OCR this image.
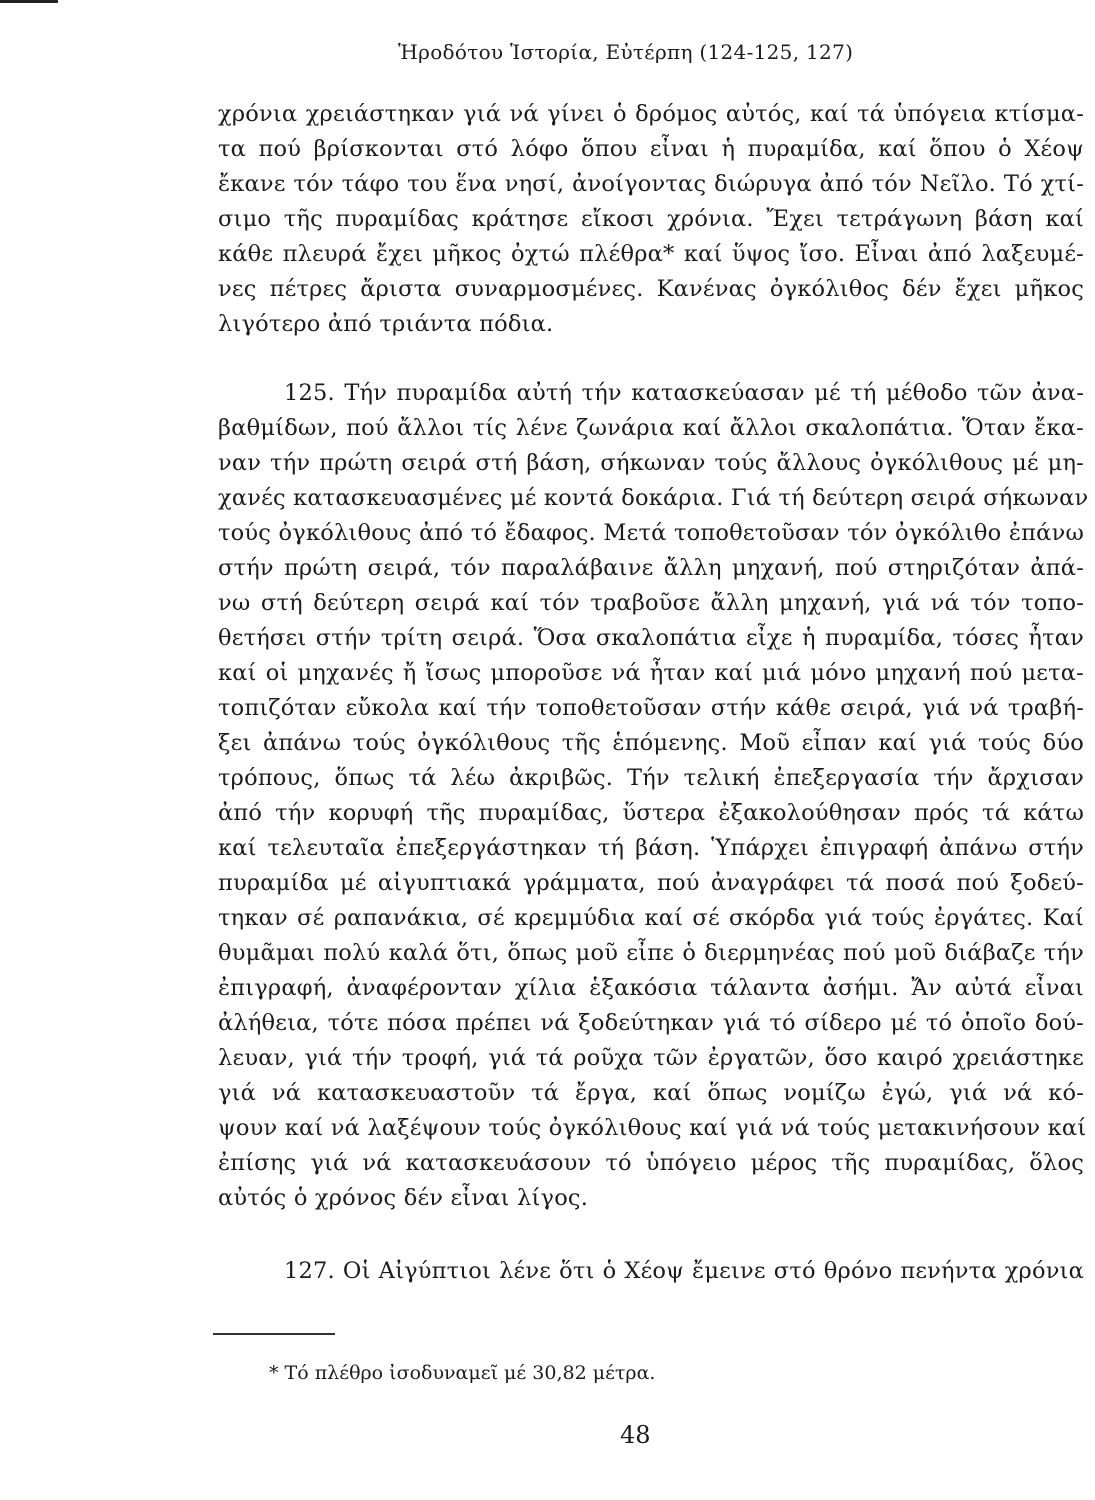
Ἡροδότου Ἱστορία, Εὐτέρπη (124-125, 127)
χρόνια χρειάστηκαν γιά νά γίνει ὁ δρόμος αὐτός, καί τά ὑπόγεια κτίσμα-
τα πού βρίσκονται στό λόφο ὅπου εἶναι ἡ πυραμίδα, καί ὅπου ὁ Χέοψ
ἔκανε τόν τάφο του ἕνα νησί, ἀνοίγοντας διώρυγα ἀπό τόν Νεῖλο. Τό χτί-
σιμο τῆς πυραμίδας κράτησε εἴκοσι χρόνια. Ἔχει τετράγωνη βάση καί
κάθε πλευρά ἔχει μῆκος ὀχτώ πλέθρα* καί ὕψος ἴσο. Εἶναι ἀπό λαξευμέ-
νες πέτρες ἄριστα συναρμοσμένες. Κανένας ὀγκόλιθος δέν ἔχει μῆκος
λιγότερο ἀπό τριάντα πόδια.
125. Τήν πυραμίδα αὐτή τήν κατασκεύασαν μέ τή μέθοδο τῶν ἀνα-
βαθμίδων, πού ἄλλοι τίς λένε ζωνάρια καί ἄλλοι σκαλοπάτια. Ὅταν ἔκα-
ναν τήν πρώτη σειρά στή βάση, σήκωναν τούς ἄλλους ὀγκόλιθους μέ μη-
χανές κατασκευασμένες μέ κοντά δοκάρια. Γιά τή δεύτερη σειρά σήκωναν
τούς ὀγκόλιθους ἀπό τό ἔδαφος. Μετά τοποθετοῦσαν τόν ὀγκόλιθο ἐπάνω
στήν πρώτη σειρά, τόν παραλάβαινε ἄλλη μηχανή, πού στηριζόταν ἀπά-
νω στή δεύτερη σειρά καί τόν τραβοῦσε ἄλλη μηχανή, γιά νά τόν τοπο-
θετήσει στήν τρίτη σειρά. Ὅσα σκαλοπάτια εἶχε ἡ πυραμίδα, τόσες ἦταν
καί οἱ μηχανές ἤ ἴσως μποροῦσε νά ἦταν καί μιά μόνο μηχανή πού μετα-
τοπιζόταν εὔκολα καί τήν τοποθετοῦσαν στήν κάθε σειρά, γιά νά τραβή-
ξει ἀπάνω τούς ὀγκόλιθους τῆς ἑπόμενης. Μοῦ εἶπαν καί γιά τούς δύο
τρόπους, ὅπως τά λέω ἀκριβῶς. Τήν τελική ἐπεξεργασία τήν ἄρχισαν
ἀπό τήν κορυφή τῆς πυραμίδας, ὕστερα ἐξακολούθησαν πρός τά κάτω
καί τελευταῖα ἐπεξεργάστηκαν τή βάση. Ὑπάρχει ἐπιγραφή ἀπάνω στήν
πυραμίδα μέ αἰγυπτιακά γράμματα, πού ἀναγράφει τά ποσά πού ξοδεύ-
τηκαν σέ ραπανάκια, σέ κρεμμύδια καί σέ σκόρδα γιά τούς ἐργάτες. Καί
θυμᾶμαι πολύ καλά ὅτι, ὅπως μοῦ εἶπε ὁ διερμηνέας πού μοῦ διάβαζε τήν
ἐπιγραφή, ἀναφέρονταν χίλια ἑξακόσια τάλαντα ἀσήμι. Ἄν αὐτά εἶναι
ἀλήθεια, τότε πόσα πρέπει νά ξοδεύτηκαν γιά τό σίδερο μέ τό ὁποῖο δού-
λευαν, γιά τήν τροφή, γιά τά ροῦχα τῶν ἐργατῶν, ὅσο καιρό χρειάστηκε
γιά νά κατασκευαστοῦν τά ἔργα, καί ὅπως νομίζω ἐγώ, γιά νά κό-
ψουν καί νά λαξέψουν τούς ὀγκόλιθους καί γιά νά τούς μετακινήσουν καί
ἐπίσης γιά νά κατασκευάσουν τό ὑπόγειο μέρος τῆς πυραμίδας, ὅλος
αὐτός ὁ χρόνος δέν εἶναι λίγος.
127. Οἱ Αἰγύπτιοι λένε ὅτι ὁ Χέοψ ἔμεινε στό θρόνο πενήντα χρόνια
* Τό πλέθρο ἰσοδυναμεῖ μέ 30,82 μέτρα.
48
